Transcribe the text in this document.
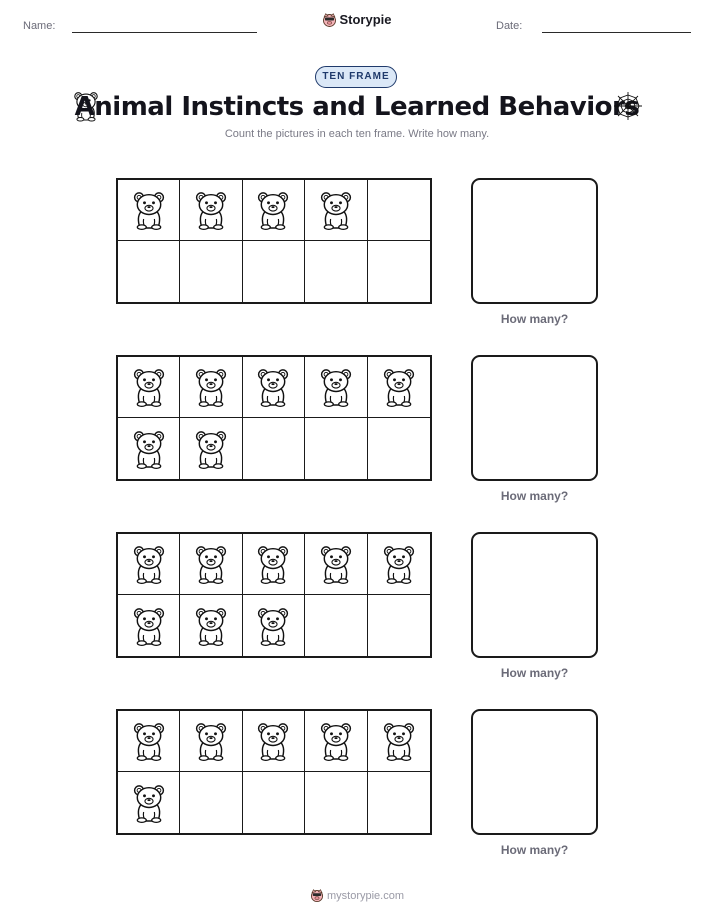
Name:	Storypie	Date:
TEN FRAME
Animal Instincts and Learned Behaviors
Count the pictures in each ten frame. Write how many.
How many?
How many?
How many?
How many?
mystorypie.com
